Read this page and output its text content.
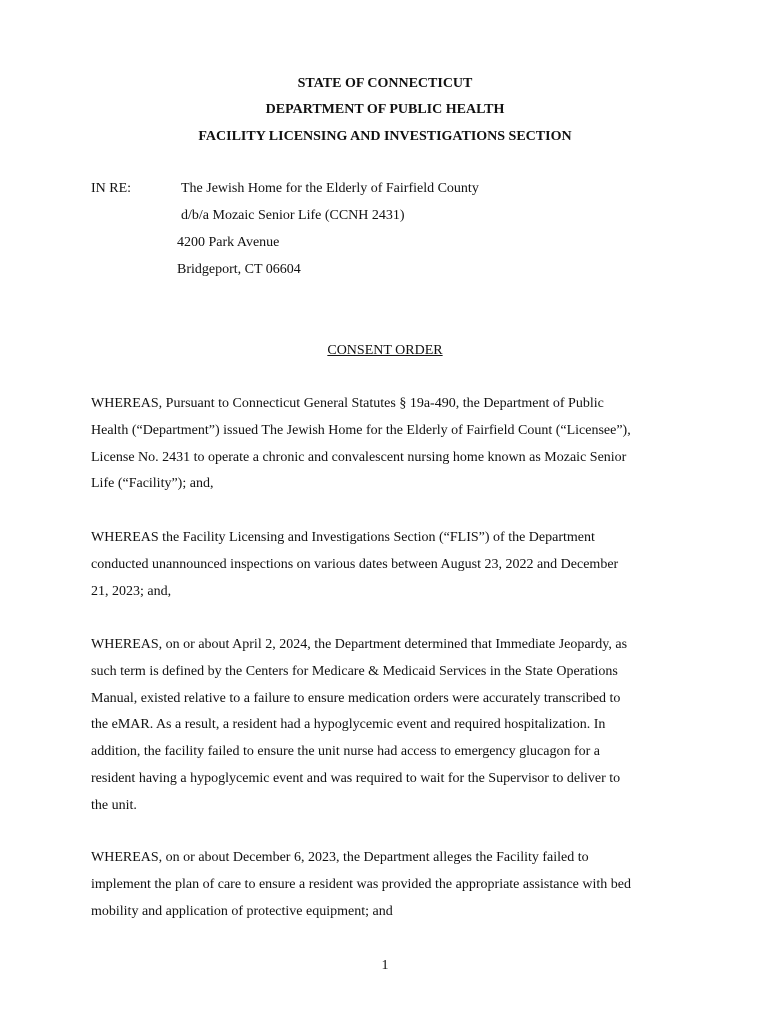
STATE OF CONNECTICUT
DEPARTMENT OF PUBLIC HEALTH
FACILITY LICENSING AND INVESTIGATIONS SECTION
IN RE:	The Jewish Home for the Elderly of Fairfield County
d/b/a Mozaic Senior Life (CCNH 2431)
4200 Park Avenue
Bridgeport, CT 06604
CONSENT ORDER
WHEREAS, Pursuant to Connecticut General Statutes § 19a-490, the Department of Public
Health (“Department”) issued The Jewish Home for the Elderly of Fairfield Count (“Licensee”),
License No. 2431 to operate a chronic and convalescent nursing home known as Mozaic Senior
Life (“Facility”); and,
WHEREAS the Facility Licensing and Investigations Section (“FLIS”) of the Department
conducted unannounced inspections on various dates between August 23, 2022 and December
21, 2023; and,
WHEREAS, on or about April 2, 2024, the Department determined that Immediate Jeopardy, as
such term is defined by the Centers for Medicare & Medicaid Services in the State Operations
Manual, existed relative to a failure to ensure medication orders were accurately transcribed to
the eMAR. As a result, a resident had a hypoglycemic event and required hospitalization. In
addition, the facility failed to ensure the unit nurse had access to emergency glucagon for a
resident having a hypoglycemic event and was required to wait for the Supervisor to deliver to
the unit.
WHEREAS, on or about December 6, 2023, the Department alleges the Facility failed to
implement the plan of care to ensure a resident was provided the appropriate assistance with bed
mobility and application of protective equipment; and
1
